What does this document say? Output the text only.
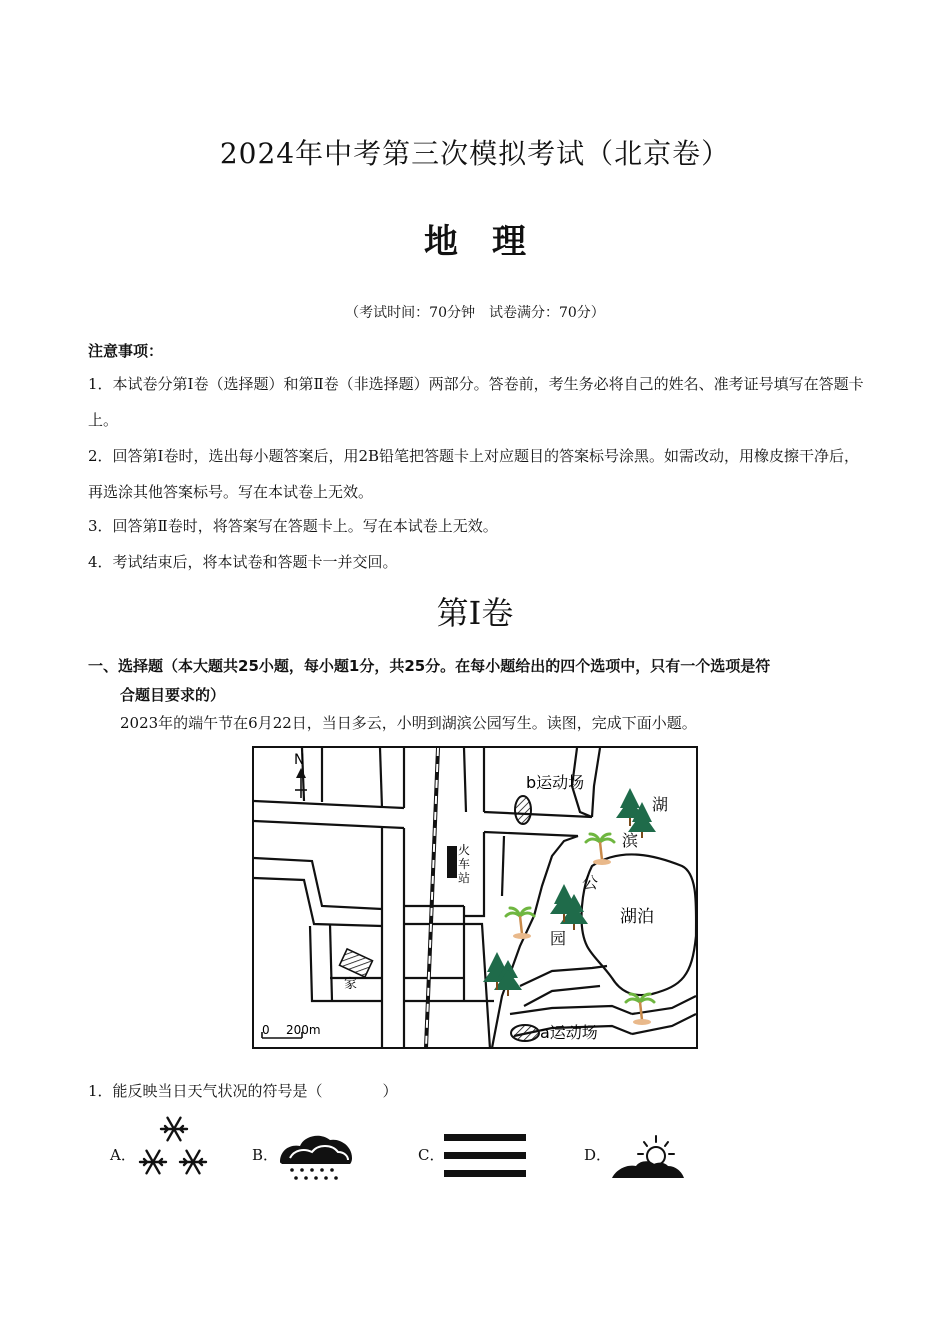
2024年中考第三次模拟考试（北京卷）
地理
（考试时间：70分钟　试卷满分：70分）
注意事项：
1．本试卷分第Ⅰ卷（选择题）和第Ⅱ卷（非选择题）两部分。答卷前，考生务必将自己的姓名、准考证号填写在答题卡上。
2．回答第Ⅰ卷时，选出每小题答案后，用2B铅笔把答题卡上对应题目的答案标号涂黑。如需改动，用橡皮擦干净后，再选涂其他答案标号。写在本试卷上无效。
3．回答第Ⅱ卷时，将答案写在答题卡上。写在本试卷上无效。
4．考试结束后，将本试卷和答题卡一并交回。
第Ⅰ卷
一、选择题（本大题共25小题，每小题1分，共25分。在每小题给出的四个选项中，只有一个选项是符
合题目要求的）
2023年的端午节在6月22日，当日多云，小明到湖滨公园写生。读图，完成下面小题。
N
b运动场
a运动场
火
车
站
湖
滨
公
园
湖泊
家
0 200m
1．能反映当日天气状况的符号是（　　　　）
A．	B．	C．	D．
